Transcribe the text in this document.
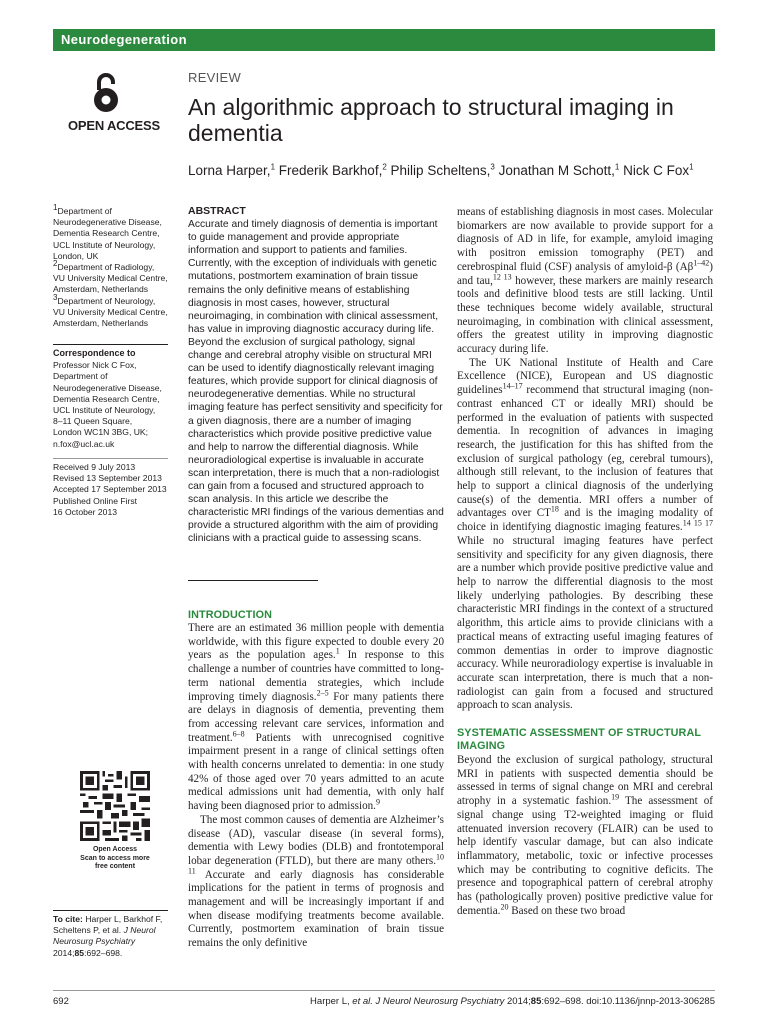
Neurodegeneration
OPEN ACCESS
REVIEW
An algorithmic approach to structural imaging in dementia
Lorna Harper,$^1$ Frederik Barkhof,$^2$ Philip Scheltens,$^3$ Jonathan M Schott,$^1$ Nick C Fox$^1$

$^1$Department of Neurodegenerative Disease, Dementia Research Centre, UCL Institute of Neurology, London, UK

$^2$Department of Radiology, VU University Medical Centre, Amsterdam, Netherlands

$^3$Department of Neurology, VU University Medical Centre, Amsterdam, Netherlands

Correspondence to
Professor Nick C Fox,
Department of
Neurodegenerative Disease,
Dementia Research Centre,
UCL Institute of Neurology,
8–11 Queen Square,
London WC1N 3BG, UK;
n.fox@ucl.ac.uk
Received 9 July 2013
Revised 13 September 2013
Accepted 17 September 2013
Published Online First
16 October 2013
Open Access
Scan to access more
free content
To cite: Harper L, Barkhof F, Scheltens P, et al. J Neurol Neurosurg Psychiatry 2014;85:692–698.
ABSTRACT
Accurate and timely diagnosis of dementia is important to guide management and provide appropriate information and support to patients and families. Currently, with the exception of individuals with genetic mutations, postmortem examination of brain tissue remains the only definitive means of establishing diagnosis in most cases, however, structural neuroimaging, in combination with clinical assessment, has value in improving diagnostic accuracy during life. Beyond the exclusion of surgical pathology, signal change and cerebral atrophy visible on structural MRI can be used to identify diagnostically relevant imaging features, which provide support for clinical diagnosis of neurodegenerative dementias. While no structural imaging feature has perfect sensitivity and specificity for a given diagnosis, there are a number of imaging characteristics which provide positive predictive value and help to narrow the differential diagnosis. While neuroradiological expertise is invaluable in accurate scan interpretation, there is much that a non-radiologist can gain from a focused and structured approach to scan analysis. In this article we describe the characteristic MRI findings of the various dementias and provide a structured algorithm with the aim of providing clinicians with a practical guide to assessing scans.
INTRODUCTION

There are an estimated 36 million people with dementia worldwide, with this figure expected to double every 20 years as the population ages.$^1$ In response to this challenge a number of countries have committed to long-term national dementia strategies, which include improving timely diagnosis.$^{2-5}$ For many patients there are delays in diagnosis of dementia, preventing them from accessing relevant care services, information and treatment.$^{6-8}$ Patients with unrecognised cognitive impairment present in a range of clinical settings often with health concerns unrelated to dementia: in one study 42% of those aged over 70 years admitted to an acute medical admissions unit had dementia, with only half having been diagnosed prior to admission.$^9$

The most common causes of dementia are Alzheimer’s disease (AD), vascular disease (in several forms), dementia with Lewy bodies (DLB) and frontotemporal lobar degeneration (FTLD), but there are many others.$^{10 11}$ Accurate and early diagnosis has considerable implications for the patient in terms of prognosis and management and will be increasingly important if and when disease modifying treatments become available. Currently, postmortem examination of brain tissue remains the only definitive

means of establishing diagnosis in most cases. Molecular biomarkers are now available to provide support for a diagnosis of AD in life, for example, amyloid imaging with positron emission tomography (PET) and cerebrospinal fluid (CSF) analysis of amyloid-β $(A\beta^{1-42})$ and tau,$^{12 13}$ however, these markers are mainly research tools and definitive blood tests are still lacking. Until these techniques become widely available, structural neuroimaging, in combination with clinical assessment, offers the greatest utility in improving diagnostic accuracy during life.

The UK National Institute of Health and Care Excellence (NICE), European and US diagnostic guidelines$^{14-17}$ recommend that structural imaging (non-contrast enhanced CT or ideally MRI) should be performed in the evaluation of patients with suspected dementia. In recognition of advances in imaging research, the justification for this has shifted from the exclusion of surgical pathology (eg, cerebral tumours), although still relevant, to the inclusion of features that help to support a clinical diagnosis of the underlying cause(s) of the dementia. MRI offers a number of advantages over CT$^{18}$ and is the imaging modality of choice in identifying diagnostic imaging features.$^{14 15 17}$ While no structural imaging features have perfect sensitivity and specificity for any given diagnosis, there are a number which provide positive predictive value and help to narrow the differential diagnosis to the most likely underlying pathologies. By describing these characteristic MRI findings in the context of a structured algorithm, this article aims to provide clinicians with a practical means of extracting useful imaging features of common dementias in order to improve diagnostic accuracy. While neuroradiology expertise is invaluable in accurate scan interpretation, there is much that a non-radiologist can gain from a focused and structured approach to scan analysis.

SYSTEMATIC ASSESSMENT OF STRUCTURAL IMAGING

Beyond the exclusion of surgical pathology, structural MRI in patients with suspected dementia should be assessed in terms of signal change on MRI and cerebral atrophy in a systematic fashion.$^{19}$ The assessment of signal change using T2-weighted imaging or fluid attenuated inversion recovery (FLAIR) can be used to help identify vascular damage, but can also indicate inflammatory, metabolic, toxic or infective processes which may be contributing to cognitive deficits. The presence and topographical pattern of cerebral atrophy has (pathologically proven) positive predictive value for dementia.$^{20}$ Based on these two broad

692	Harper L, et al. J Neurol Neurosurg Psychiatry 2014;85:692–698. doi:10.1136/jnnp-2013-306285
